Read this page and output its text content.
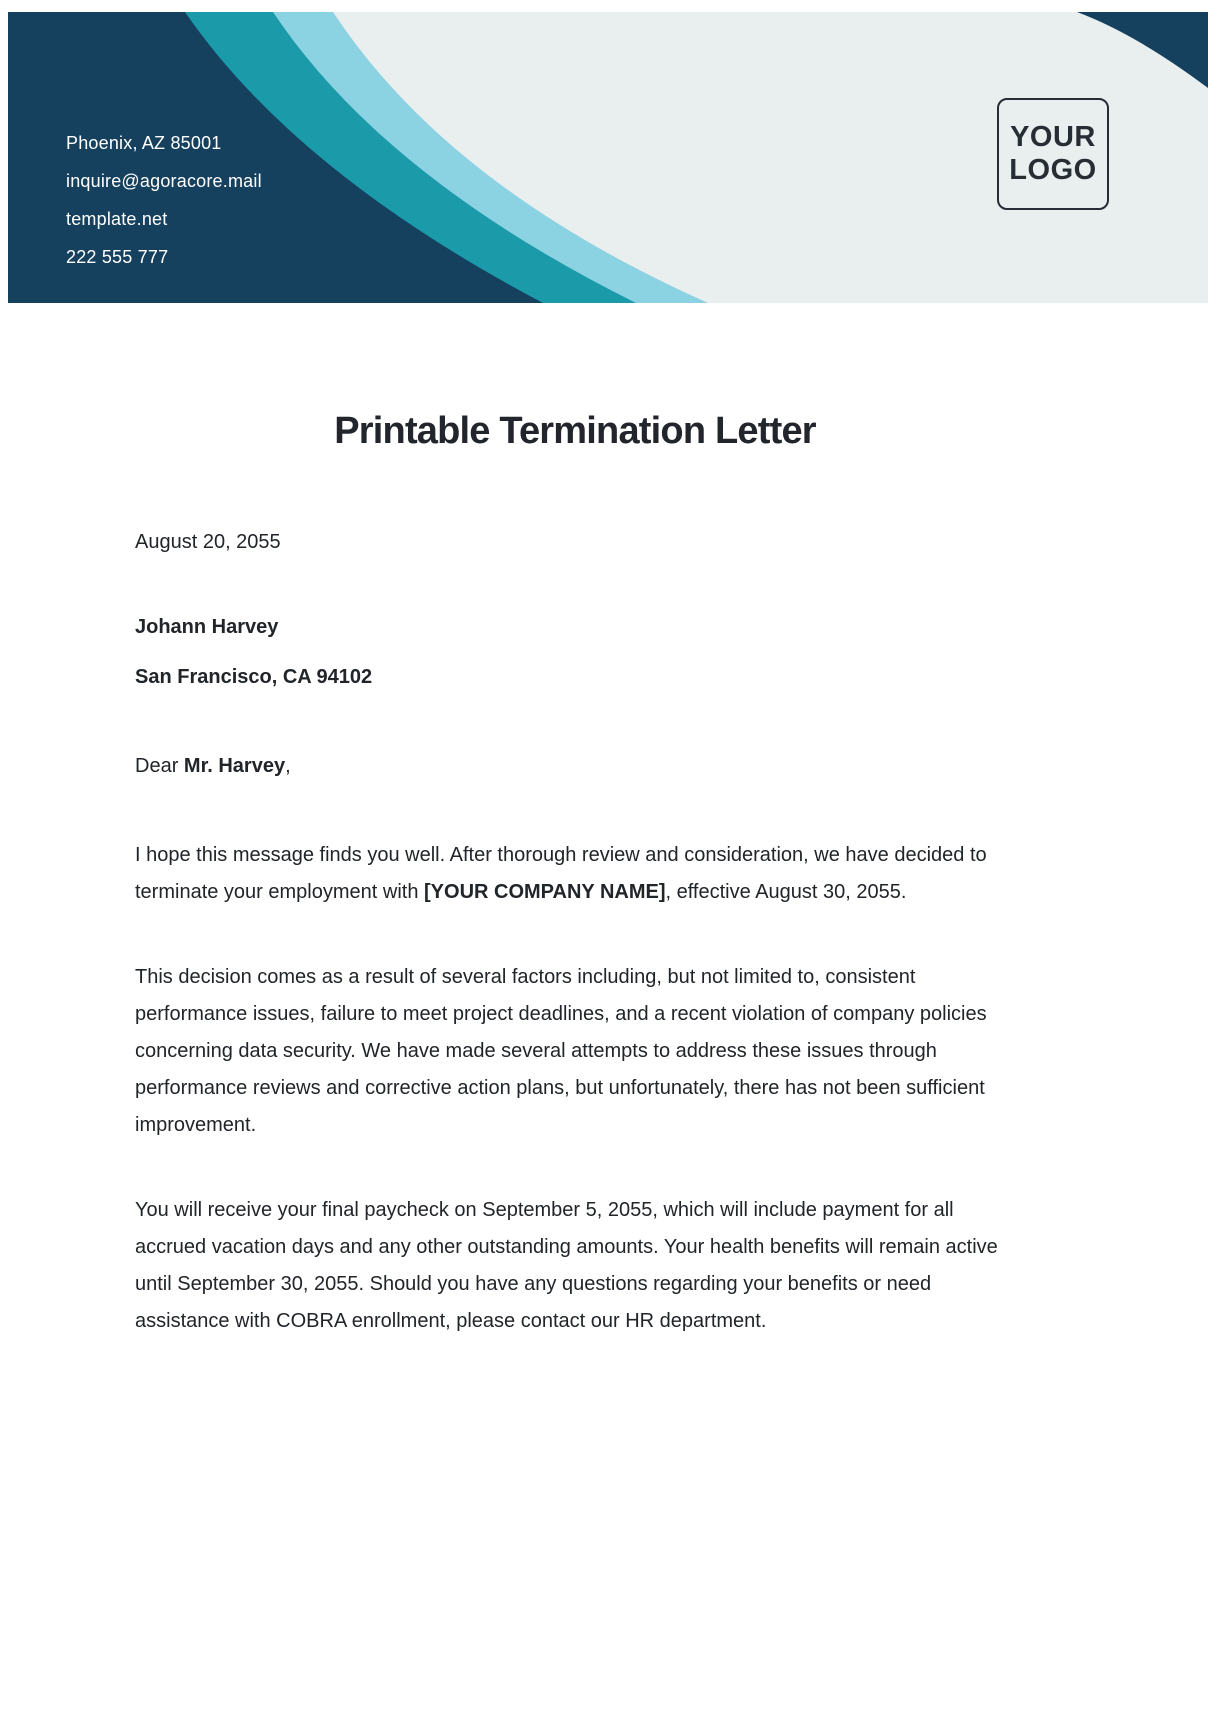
Phoenix, AZ 85001
inquire@agoracore.mail
template.net
222 555 777
YOUR
LOGO
Printable Termination Letter
August 20, 2055
Johann Harvey
San Francisco, CA 94102
Dear Mr. Harvey,

I hope this message finds you well. After thorough review and consideration, we have decided to terminate your employment with [YOUR COMPANY NAME], effective August 30, 2055.

This decision comes as a result of several factors including, but not limited to, consistent performance issues, failure to meet project deadlines, and a recent violation of company policies concerning data security. We have made several attempts to address these issues through performance reviews and corrective action plans, but unfortunately, there has not been sufficient improvement.

You will receive your final paycheck on September 5, 2055, which will include payment for all accrued vacation days and any other outstanding amounts. Your health benefits will remain active until September 30, 2055. Should you have any questions regarding your benefits or need assistance with COBRA enrollment, please contact our HR department.
